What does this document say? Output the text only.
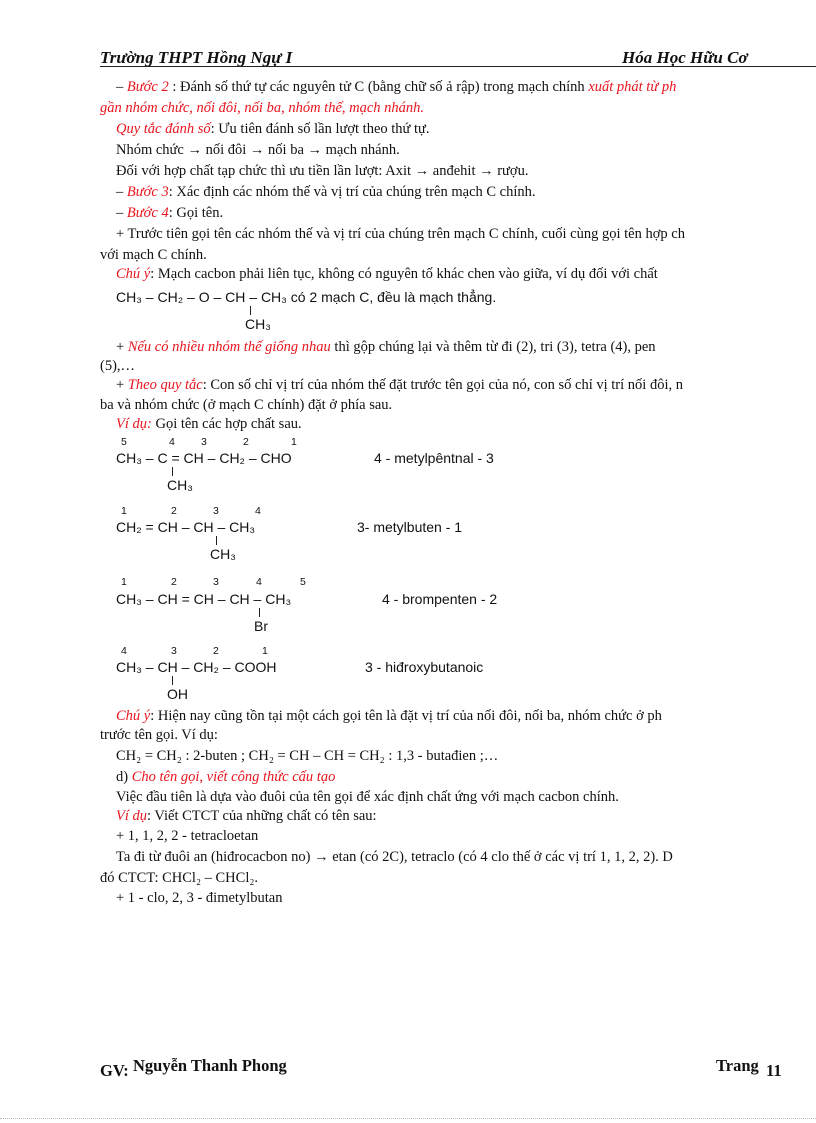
Trường THPT Hồng Ngự I	Hóa Học Hữu Cơ
– Bước 2 : Đánh số thứ tự các nguyên tử C (bằng chữ số ả rập) trong mạch chính xuất phát từ ph
gần nhóm chức, nối đôi, nối ba, nhóm thế, mạch nhánh.
Quy tắc đánh số: Ưu tiên đánh số lần lượt theo thứ tự.
Nhóm chức → nối đôi → nối ba → mạch nhánh.
Đối với hợp chất tạp chức thì ưu tiền lần lượt: Axit → anđehit → rượu.
– Bước 3: Xác định các nhóm thế và vị trí của chúng trên mạch C chính.
– Bước 4: Gọi tên.
+ Trước tiên gọi tên các nhóm thế và vị trí của chúng trên mạch C chính, cuối cùng gọi tên hợp ch
với mạch C chính.
Chú ý: Mạch cacbon phải liên tục, không có nguyên tố khác chen vào giữa, ví dụ đối với chất
CH₃ – CH₂ – O – CH – CH₃ có 2 mạch C, đều là mạch thẳng.
CH₃
+ Nếu có nhiều nhóm thế giống nhau thì gộp chúng lại và thêm từ đi (2), tri (3), tetra (4), pen
(5),…
+ Theo quy tắc: Con số chỉ vị trí của nhóm thế đặt trước tên gọi của nó, con số chỉ vị trí nối đôi, n
ba và nhóm chức (ở mạch C chính) đặt ở phía sau.
Ví dụ: Gọi tên các hợp chất sau.
5	4 3	2	1
CH₃ – C = CH – CH₂ – CHO
CH₃
4 - metylpêntnal - 3
1	2	3	4
CH₂ = CH – CH – CH₃
CH₃
3- metylbuten - 1
1	2	3	4	5
CH₃ – CH = CH – CH – CH₃
Br
4 - brompenten - 2
4	3	2	1
CH₃ – CH – CH₂ – COOH
OH
3 - hiđroxybutanoic
Chú ý: Hiện nay cũng tồn tại một cách gọi tên là đặt vị trí của nối đôi, nối ba, nhóm chức ở ph
trước tên gọi. Ví dụ:
CH₂ = CH₂ : 2-buten ; CH₂ = CH – CH = CH₂ : 1,3 - butađien ;…
d) Cho tên gọi, viết công thức cấu tạo
Việc đầu tiên là dựa vào đuôi của tên gọi để xác định chất ứng với mạch cacbon chính.
Ví dụ: Viết CTCT của những chất có tên sau:
+ 1, 1, 2, 2 - tetracloetan
Ta đi từ đuôi an (hiđrocacbon no) → etan (có 2C), tetraclo (có 4 clo thế ở các vị trí 1, 1, 2, 2). D
đó CTCT: CHCl₂ – CHCl₂.
+ 1 - clo, 2, 3 - đimetylbutan
GV: Nguyễn Thanh Phong	Trang 11
